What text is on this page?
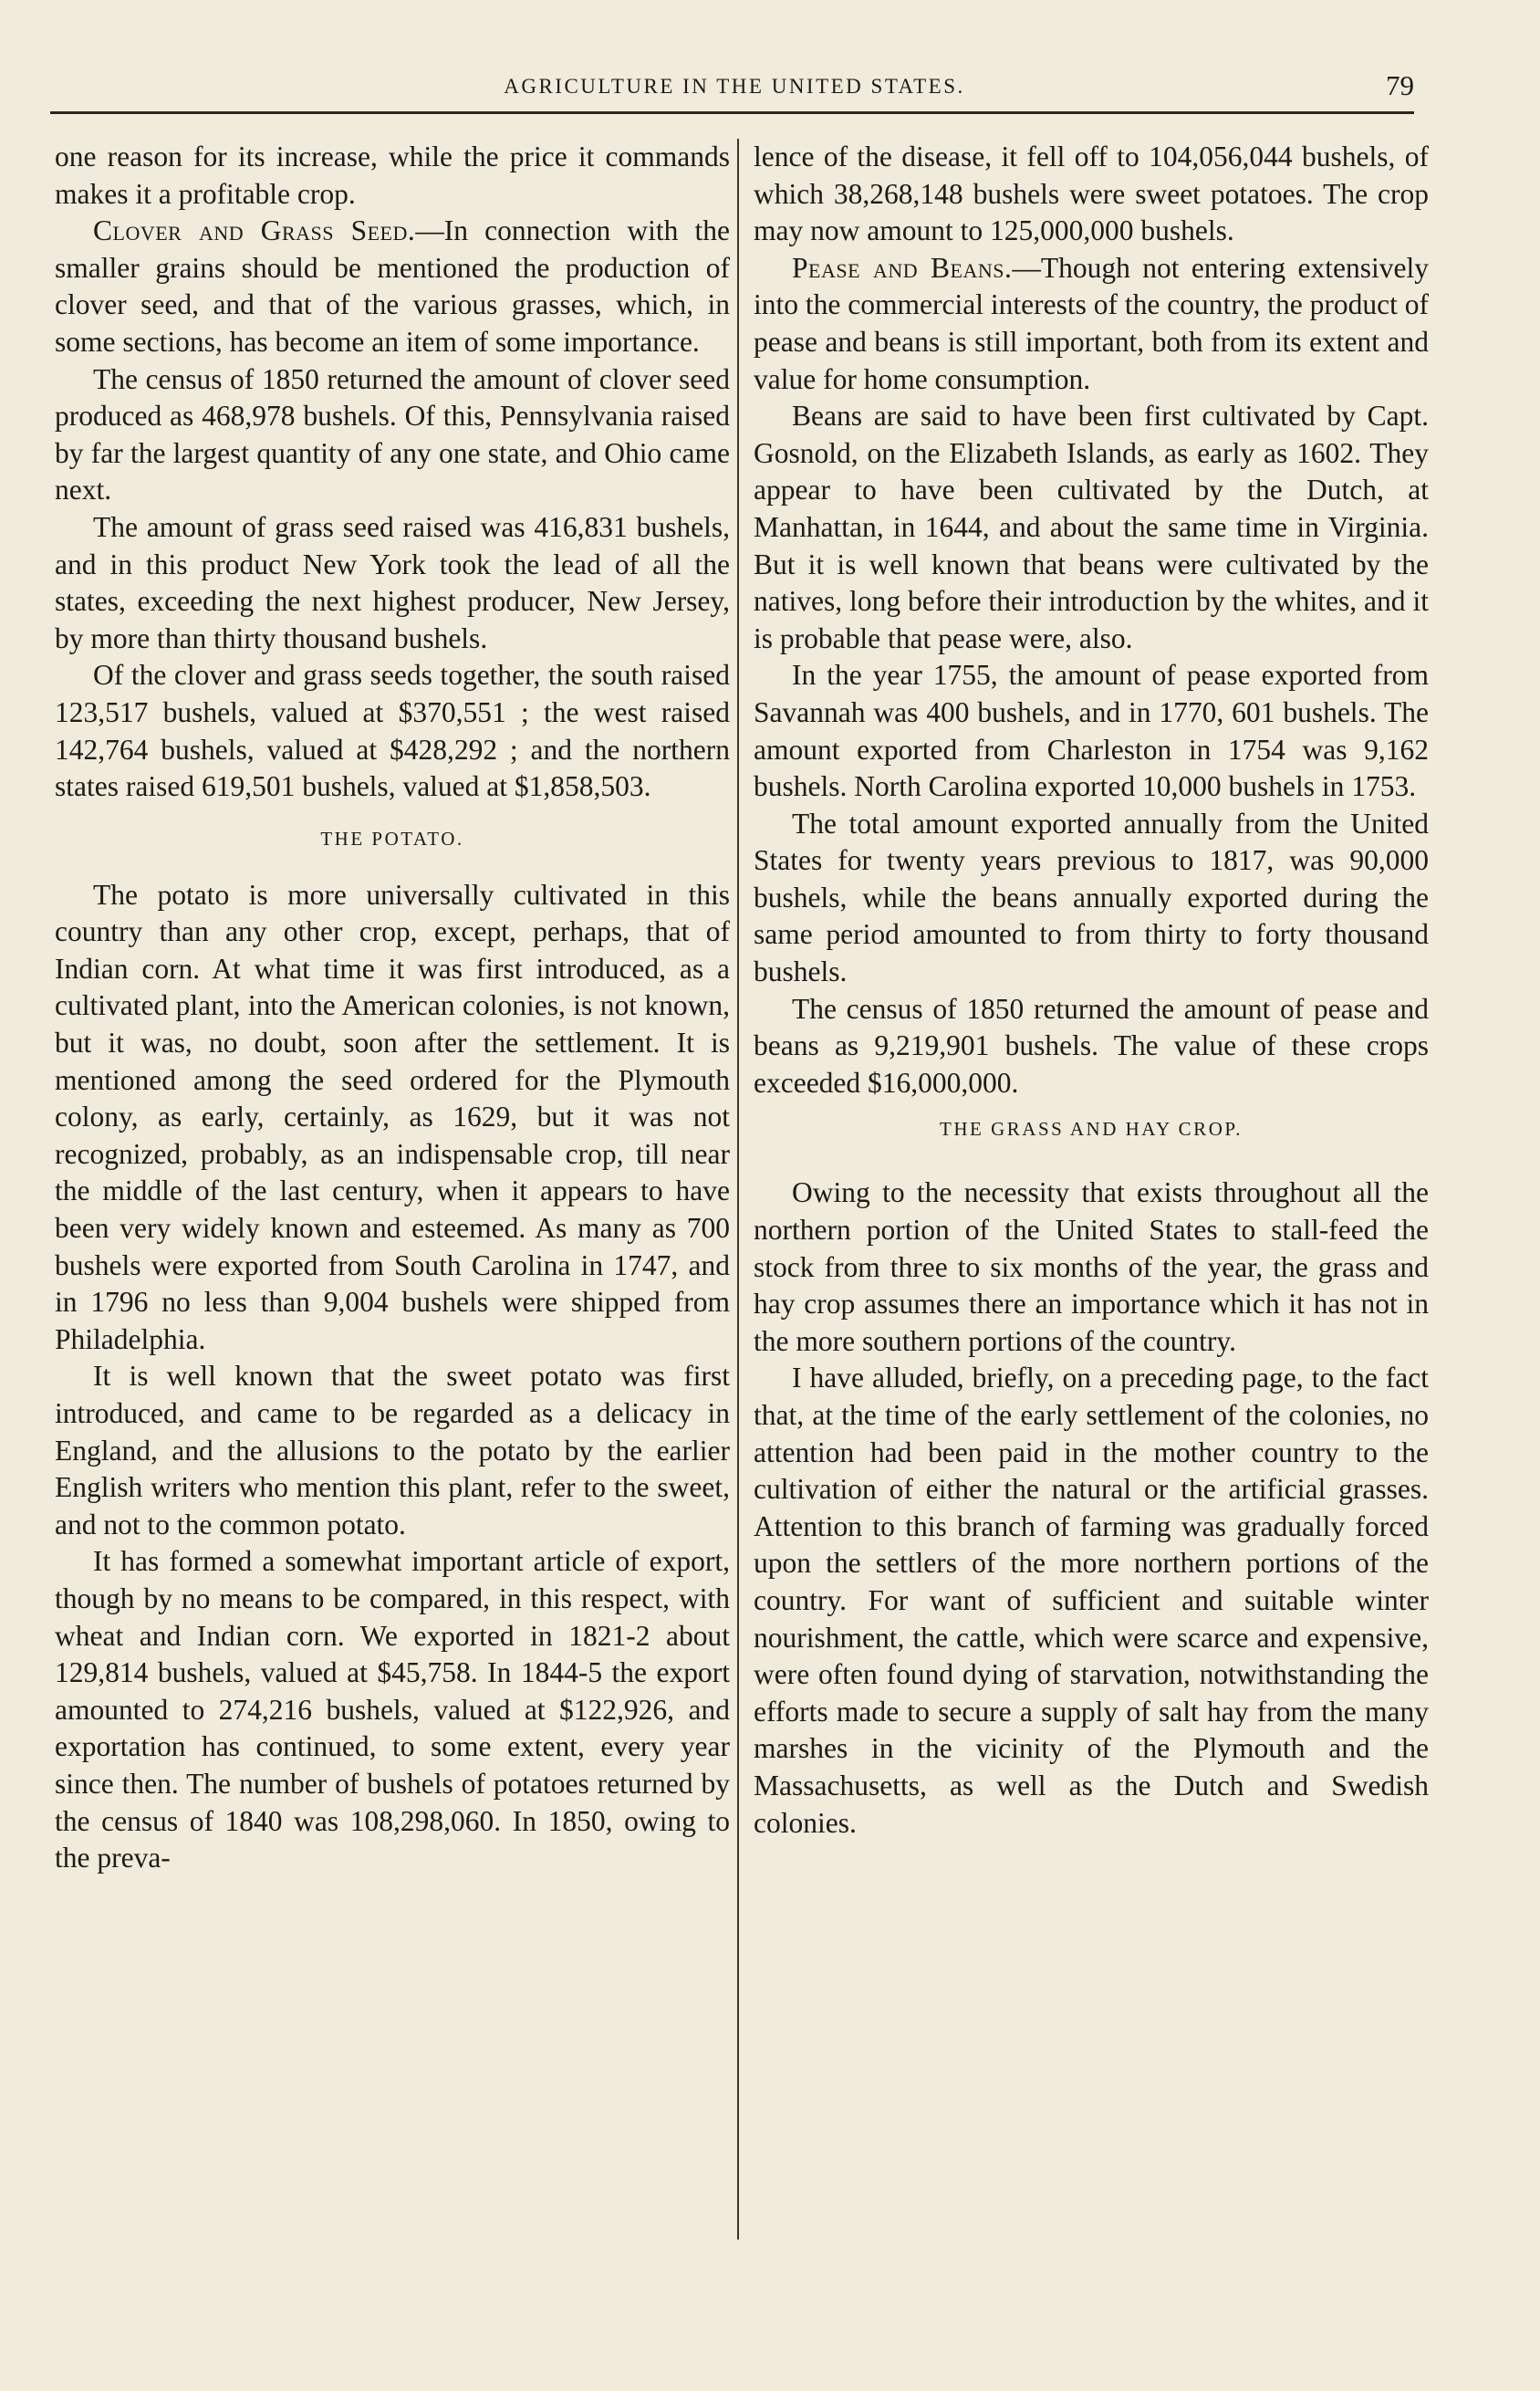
AGRICULTURE IN THE UNITED STATES.	79

one reason for its increase, while the price it commands makes it a profitable crop.

Clover and Grass Seed.—In connection with the smaller grains should be mentioned the production of clover seed, and that of the various grasses, which, in some sections, has become an item of some importance.

The census of 1850 returned the amount of clover seed produced as 468,978 bushels. Of this, Pennsylvania raised by far the largest quantity of any one state, and Ohio came next.

The amount of grass seed raised was 416,831 bushels, and in this product New York took the lead of all the states, exceeding the next highest producer, New Jersey, by more than thirty thousand bushels.

Of the clover and grass seeds together, the south raised 123,517 bushels, valued at $370,551 ; the west raised 142,764 bushels, valued at $428,292 ; and the northern states raised 619,501 bushels, valued at $1,858,503.

THE POTATO.

The potato is more universally cultivated in this country than any other crop, except, perhaps, that of Indian corn. At what time it was first introduced, as a cultivated plant, into the American colonies, is not known, but it was, no doubt, soon after the settlement. It is mentioned among the seed ordered for the Plymouth colony, as early, certainly, as 1629, but it was not recognized, probably, as an indispensable crop, till near the middle of the last century, when it appears to have been very widely known and esteemed. As many as 700 bushels were exported from South Carolina in 1747, and in 1796 no less than 9,004 bushels were shipped from Philadelphia.

It is well known that the sweet potato was first introduced, and came to be regarded as a delicacy in England, and the allusions to the potato by the earlier English writers who mention this plant, refer to the sweet, and not to the common potato.

It has formed a somewhat important article of export, though by no means to be compared, in this respect, with wheat and Indian corn. We exported in 1821-2 about 129,814 bushels, valued at $45,758. In 1844-5 the export amounted to 274,216 bushels, valued at $122,926, and exportation has continued, to some extent, every year since then. The number of bushels of potatoes returned by the census of 1840 was 108,298,060. In 1850, owing to the preva-

lence of the disease, it fell off to 104,056,044 bushels, of which 38,268,148 bushels were sweet potatoes. The crop may now amount to 125,000,000 bushels.

Pease and Beans.—Though not entering extensively into the commercial interests of the country, the product of pease and beans is still important, both from its extent and value for home consumption.

Beans are said to have been first cultivated by Capt. Gosnold, on the Elizabeth Islands, as early as 1602. They appear to have been cultivated by the Dutch, at Manhattan, in 1644, and about the same time in Virginia. But it is well known that beans were cultivated by the natives, long before their introduction by the whites, and it is probable that pease were, also.

In the year 1755, the amount of pease exported from Savannah was 400 bushels, and in 1770, 601 bushels. The amount exported from Charleston in 1754 was 9,162 bushels. North Carolina exported 10,000 bushels in 1753.

The total amount exported annually from the United States for twenty years previous to 1817, was 90,000 bushels, while the beans annually exported during the same period amounted to from thirty to forty thousand bushels.

The census of 1850 returned the amount of pease and beans as 9,219,901 bushels. The value of these crops exceeded $16,000,000.

THE GRASS AND HAY CROP.

Owing to the necessity that exists throughout all the northern portion of the United States to stall-feed the stock from three to six months of the year, the grass and hay crop assumes there an importance which it has not in the more southern portions of the country.

I have alluded, briefly, on a preceding page, to the fact that, at the time of the early settlement of the colonies, no attention had been paid in the mother country to the cultivation of either the natural or the artificial grasses. Attention to this branch of farming was gradually forced upon the settlers of the more northern portions of the country. For want of sufficient and suitable winter nourishment, the cattle, which were scarce and expensive, were often found dying of starvation, notwithstanding the efforts made to secure a supply of salt hay from the many marshes in the vicinity of the Plymouth and the Massachusetts, as well as the Dutch and Swedish colonies.
